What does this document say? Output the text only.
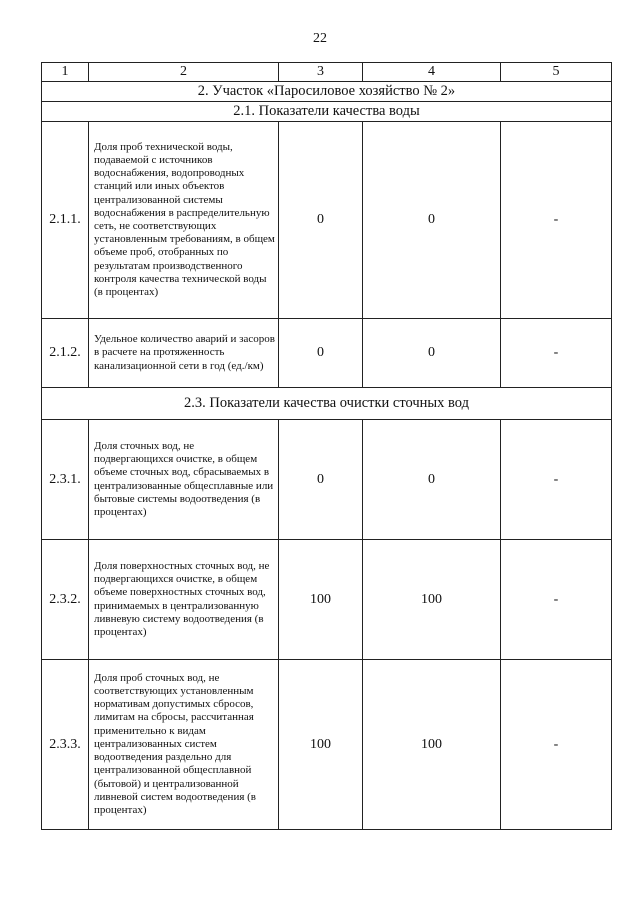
22
1	2	3	4	5
2. Участок «Паросиловое хозяйство № 2»				
2.1. Показатели качества воды				
2.1.1.	Доля проб технической воды, подаваемой с источников водоснабжения, водопроводных станций или иных объектов централизованной системы водоснабжения в распределительную сеть, не соответствующих установленным требованиям, в общем объеме проб, отобранных по результатам производственного контроля качества технической воды (в процентах)	0	0	-
2.1.2.	Удельное количество аварий и засоров в расчете на протяженность канализационной сети в год (ед./км)	0	0	-
2.3. Показатели качества очистки сточных вод				
2.3.1.	Доля сточных вод, не подвергающихся очистке, в общем объеме сточных вод, сбрасываемых в централизованные общесплавные или бытовые системы водоотведения (в процентах)	0	0	-
2.3.2.	Доля поверхностных сточных вод, не подвергающихся очистке, в общем объеме поверхностных сточных вод, принимаемых в централизованную ливневую систему водоотведения (в процентах)	100	100	-
2.3.3.	Доля проб сточных вод, не соответствующих установленным нормативам допустимых сбросов, лимитам на сбросы, рассчитанная применительно к видам централизованных систем водоотведения раздельно для централизованной общесплавной (бытовой) и централизованной ливневой систем водоотведения (в процентах)	100	100	-
